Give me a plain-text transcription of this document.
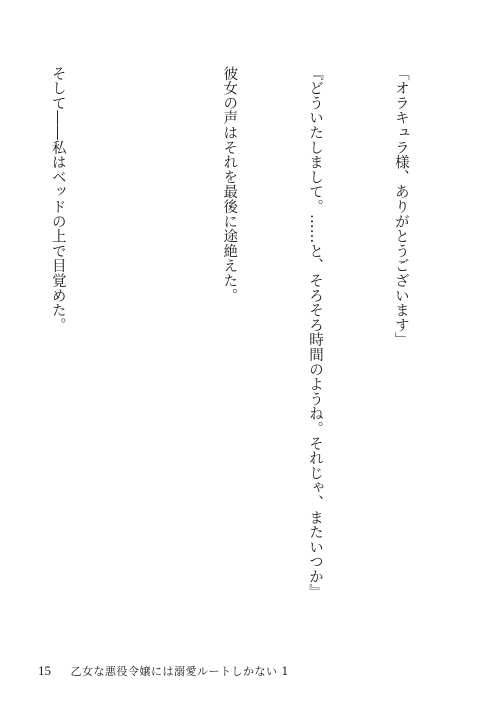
「オラキュラ様、ありがとうございます」

『どういたしまして。……と、そろそろ時間のようね。それじゃ、またいつか』

彼女の声はそれを最後に途絶えた。

そして――私はベッドの上で目覚めた。

15 乙女な悪役令嬢には溺愛ルートしかない 1
